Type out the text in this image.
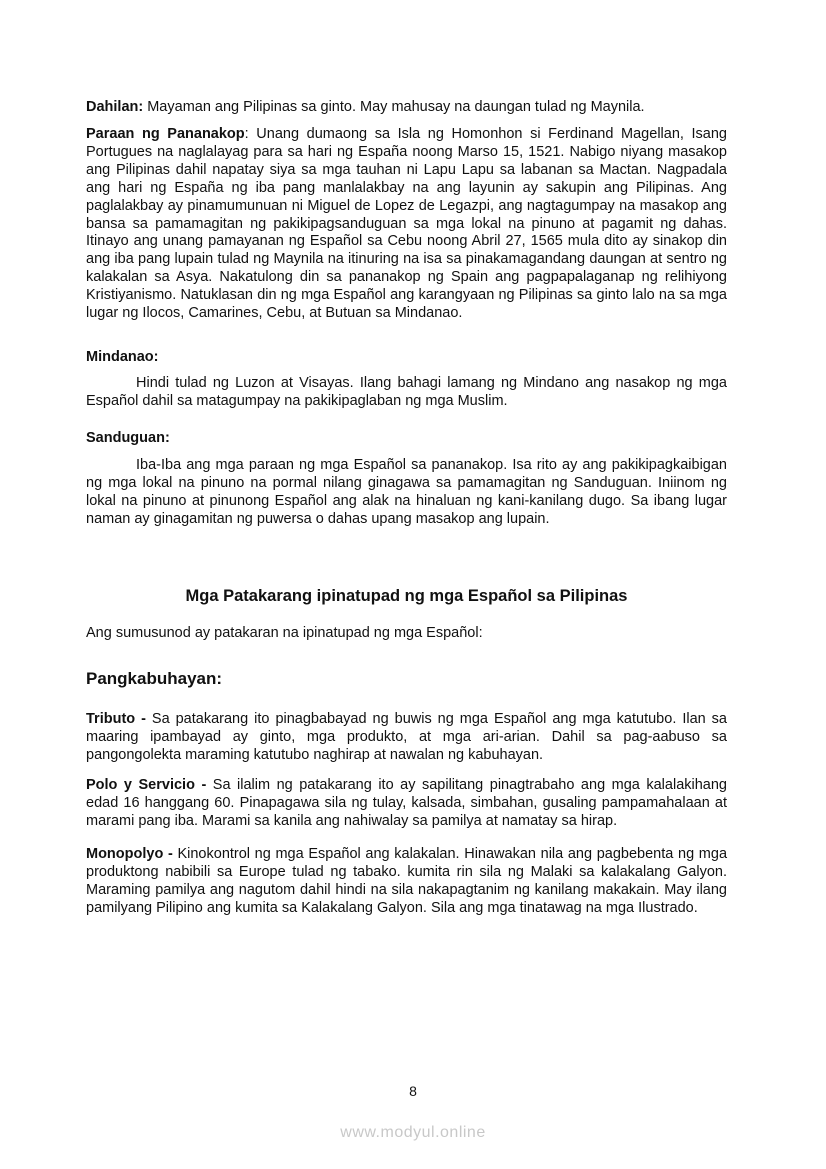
Dahilan: Mayaman ang Pilipinas sa ginto. May mahusay na daungan tulad ng Maynila.

Paraan ng Pananakop: Unang dumaong sa Isla ng Homonhon si Ferdinand Magellan, Isang Portugues na naglalayag para sa hari ng España noong Marso 15, 1521. Nabigo niyang masakop ang Pilipinas dahil napatay siya sa mga tauhan ni Lapu Lapu sa labanan sa Mactan. Nagpadala ang hari ng España ng iba pang manlalakbay na ang layunin ay sakupin ang Pilipinas. Ang paglalakbay ay pinamumunuan ni Miguel de Lopez de Legazpi, ang nagtagumpay na masakop ang bansa sa pamamagitan ng pakikipagsanduguan sa mga lokal na pinuno at pagamit ng dahas. Itinayo ang unang pamayanan ng Español sa Cebu noong Abril 27, 1565 mula dito ay sinakop din ang iba pang lupain tulad ng Maynila na itinuring na isa sa pinakamagandang daungan at sentro ng kalakalan sa Asya. Nakatulong din sa pananakop ng Spain ang pagpapalaganap ng relihiyong Kristiyanismo. Natuklasan din ng mga Español ang karangyaan ng Pilipinas sa ginto lalo na sa mga lugar ng Ilocos, Camarines, Cebu, at Butuan sa Mindanao.

Mindanao:

Hindi tulad ng Luzon at Visayas. Ilang bahagi lamang ng Mindano ang nasakop ng mga Español dahil sa matagumpay na pakikipaglaban ng mga Muslim.

Sanduguan:

Iba-Iba ang mga paraan ng mga Español sa pananakop. Isa rito ay ang pakikipagkaibigan ng mga lokal na pinuno na pormal nilang ginagawa sa pamamagitan ng Sanduguan. Iniinom ng lokal na pinuno at pinunong Español ang alak na hinaluan ng kani-kanilang dugo. Sa ibang lugar naman ay ginagamitan ng puwersa o dahas upang masakop ang lupain.

Mga Patakarang ipinatupad ng mga Español sa Pilipinas

Ang sumusunod ay patakaran na ipinatupad ng mga Español:

Pangkabuhayan:

Tributo - Sa patakarang ito pinagbabayad ng buwis ng mga Español ang mga katutubo. Ilan sa maaring ipambayad ay ginto, mga produkto, at mga ari-arian. Dahil sa pag-aabuso sa pangongolekta maraming katutubo naghirap at nawalan ng kabuhayan.

Polo y Servicio - Sa ilalim ng patakarang ito ay sapilitang pinagtrabaho ang mga kalalakihang edad 16 hanggang 60. Pinapagawa sila ng tulay, kalsada, simbahan, gusaling pampamahalaan at marami pang iba. Marami sa kanila ang nahiwalay sa pamilya at namatay sa hirap.

Monopolyo - Kinokontrol ng mga Español ang kalakalan. Hinawakan nila ang pagbebenta ng mga produktong nabibili sa Europe tulad ng tabako. kumita rin sila ng Malaki sa kalakalang Galyon. Maraming pamilya ang nagutom dahil hindi na sila nakapagtanim ng kanilang makakain. May ilang pamilyang Pilipino ang kumita sa Kalakalang Galyon. Sila ang mga tinatawag na mga Ilustrado.

8
www.modyul.online
